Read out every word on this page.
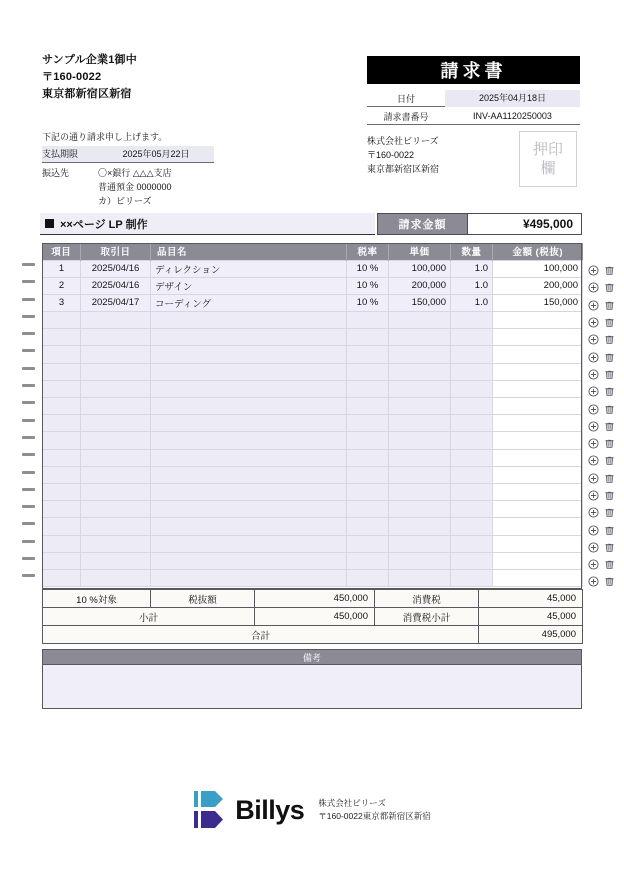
サンプル企業1御中
〒160-0022
東京都新宿区新宿
下記の通り請求申し上げます。
支払期限	2025年05月22日
振込先	〇×銀行 △△△支店
普通預金 0000000
カ）ビリーズ
請求書
日付	2025年04月18日
請求書番号	INV-AA1120250003
株式会社ビリーズ
〒160-0022
東京都新宿区新宿
押印
欄
××ページ LP 制作	請求金額	¥495,000
項目	取引日	品目名	税率	単価	数量	金額 (税抜)
1	2025/04/16	ディレクション	10 %	100,000	1.0	100,000
2	2025/04/16	デザイン	10 %	200,000	1.0	200,000
3	2025/04/17	コーディング	10 %	150,000	1.0	150,000

10 %対象	税抜額	450,000	消費税	45,000
小計		450,000	消費税小計	45,000
合計				495,000
備考
Billys 株式会社ビリーズ
〒160-0022東京都新宿区新宿
